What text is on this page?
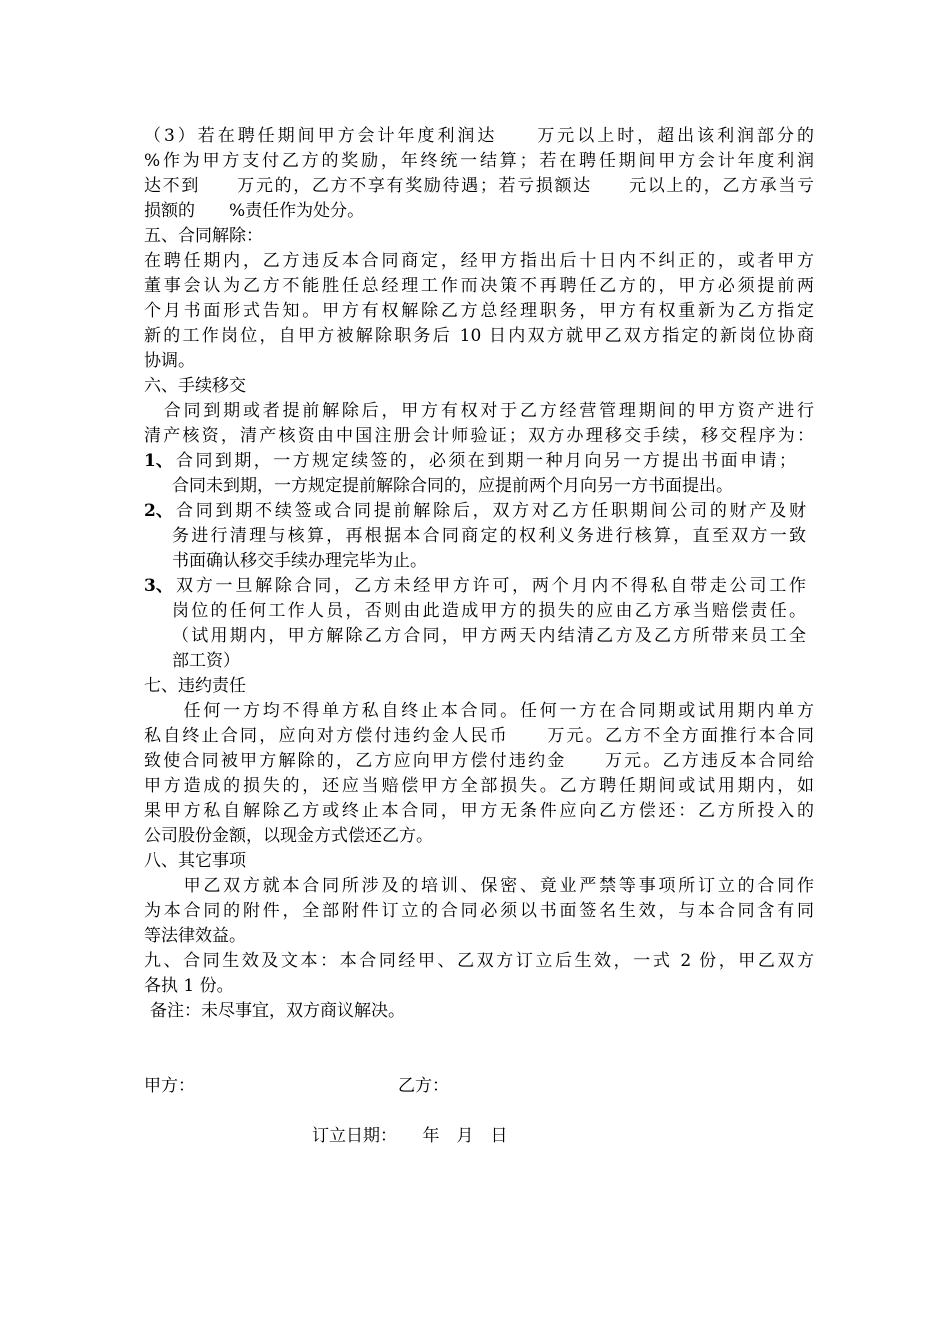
（3）若在聘任期间甲方会计年度利润达　　万元以上时，超出该利润部分的
%作为甲方支付乙方的奖励，年终统一结算；若在聘任期间甲方会计年度利润
达不到　　万元的，乙方不享有奖励待遇；若亏损额达　　元以上的，乙方承当亏
损额的　　%责任作为处分。
五、合同解除：
在聘任期内，乙方违反本合同商定，经甲方指出后十日内不纠正的，或者甲方
董事会认为乙方不能胜任总经理工作而决策不再聘任乙方的，甲方必须提前两
个月书面形式告知。甲方有权解除乙方总经理职务，甲方有权重新为乙方指定
新的工作岗位，自甲方被解除职务后 10 日内双方就甲乙双方指定的新岗位协商
协调。
六、手续移交
　合同到期或者提前解除后，甲方有权对于乙方经营管理期间的甲方资产进行
清产核资，清产核资由中国注册会计师验证；双方办理移交手续，移交程序为：
1、 合同到期，一方规定续签的，必须在到期一种月向另一方提出书面申请；
合同未到期，一方规定提前解除合同的，应提前两个月向另一方书面提出。
2、 合同到期不续签或合同提前解除后，双方对乙方任职期间公司的财产及财
务进行清理与核算，再根据本合同商定的权利义务进行核算，直至双方一致
书面确认移交手续办理完毕为止。
3、 双方一旦解除合同，乙方未经甲方许可，两个月内不得私自带走公司工作
岗位的任何工作人员，否则由此造成甲方的损失的应由乙方承当赔偿责任。
（试用期内，甲方解除乙方合同，甲方两天内结清乙方及乙方所带来员工全
部工资）
七、违约责任
　　任何一方均不得单方私自终止本合同。任何一方在合同期或试用期内单方
私自终止合同，应向对方偿付违约金人民币　　万元。乙方不全方面推行本合同
致使合同被甲方解除的，乙方应向甲方偿付违约金　　万元。乙方违反本合同给
甲方造成的损失的，还应当赔偿甲方全部损失。乙方聘任期间或试用期内，如
果甲方私自解除乙方或终止本合同，甲方无条件应向乙方偿还：乙方所投入的
公司股份金额，以现金方式偿还乙方。
八、其它事项
　　甲乙双方就本合同所涉及的培训、保密、竟业严禁等事项所订立的合同作
为本合同的附件，全部附件订立的合同必须以书面签名生效，与本合同含有同
等法律效益。
九、合同生效及文本：本合同经甲、乙双方订立后生效，一式 2 份，甲乙双方
各执 1 份。
备注：未尽事宜，双方商议解决。
甲方：	乙方：
订立日期：　　年　月　日
